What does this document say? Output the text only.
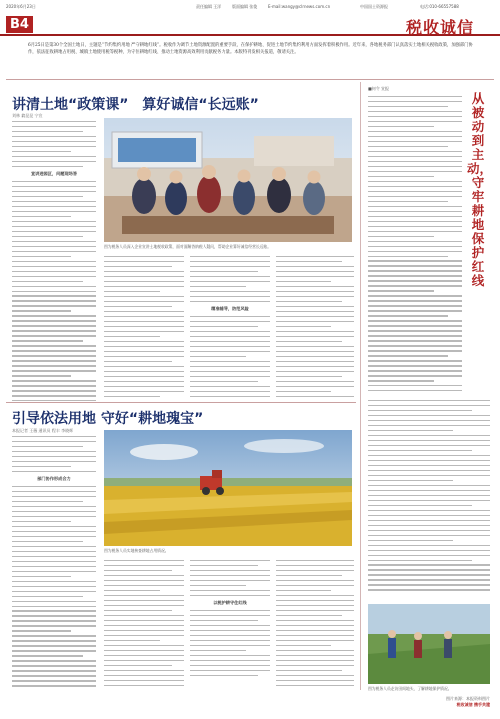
2020年6月23日	责任编辑 王洋	版面编辑 张俊	E-mail:wangy@clrnews.com.cn	中国国土资源报	电话:010-66557588
B4	税收诚信
6月25日是第30个全国土地日，主题是“节约集约用地 严守耕地红线”。税收作为调节土地资源配置的重要手段，在保护耕地、促进土地节约集约利用方面发挥着积极作用。近年来，各地税务部门认真落实土地相关税收政策，加强部门协作，依法征收耕地占用税、城镇土地使用税等税种，为守住耕地红线、推动土地资源高效利用贡献税务力量。本版特刊发相关报道，敬请关注。
讲清土地“政策课” 算好诚信“长远账”
刘林 翁昆昆 宁宣
宣讲进园区，问题现场答
图为税务人员深入企业宣讲土地税收政策，面对面解答纳税人疑问，帮助企业算好诚信经营长远账。
精准辅导，防范风险
引导依法用地 守好“耕地瑰宝”
本报记者 王薇 通讯员 程丰 李晓辉
部门协作形成合力
图为税务人员实地核查耕地占用情况。
以税护耕守住红线
■何令 宣报
从被动到主动，守牢耕地保护红线
图为税务人员走访田间地头，了解耕地保护情况。
图片来源：本报资料图片
税收诚信 携手共建
